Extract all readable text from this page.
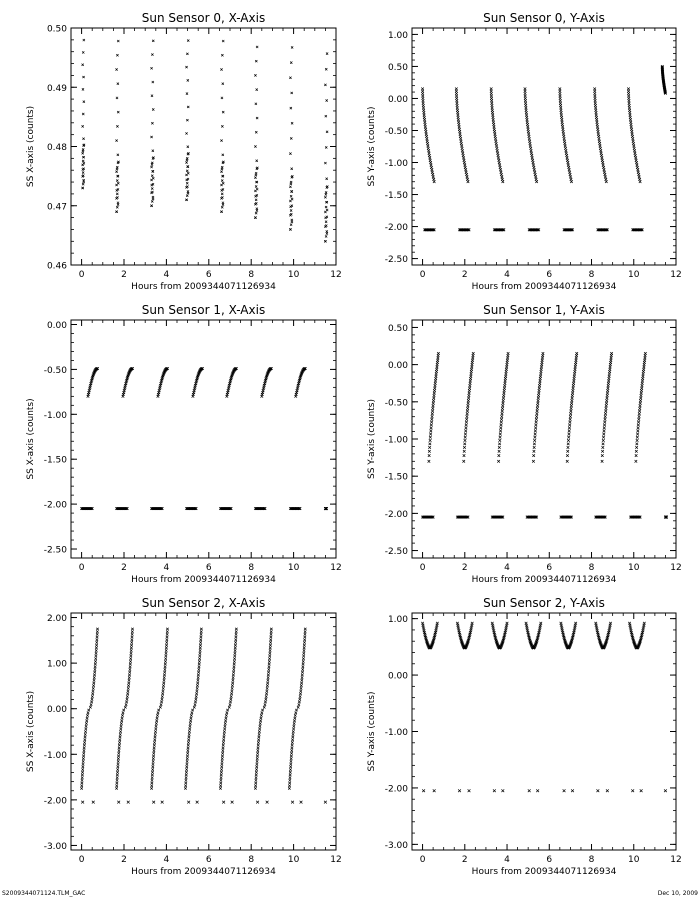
Sun Sensor 0, X-Axis
0	2	4	6	8	10	12
0.46
0.47
0.48
0.49
0.50
Hours from 2009344071126934
SS X-axis (counts)
Sun Sensor 0, Y-Axis
0	2	4	6	8	10	12
-2.50
-2.00
-1.50
-1.00
-0.50
0.00
0.50
1.00
Hours from 2009344071126934
SS Y-axis (counts)
Sun Sensor 1, X-Axis
0	2	4	6	8	10	12
-2.50
-2.00
-1.50
-1.00
-0.50
0.00
Hours from 2009344071126934
SS X-axis (counts)
Sun Sensor 1, Y-Axis
0	2	4	6	8	10	12
-2.50
-2.00
-1.50
-1.00
-0.50
0.00
0.50
Hours from 2009344071126934
SS Y-axis (counts)
Sun Sensor 2, X-Axis
0	2	4	6	8	10	12
-3.00
-2.00
-1.00
0.00
1.00
2.00
Hours from 2009344071126934
SS X-axis (counts)
Sun Sensor 2, Y-Axis
0	2	4	6	8	10	12
-3.00
-2.00
-1.00
0.00
1.00
Hours from 2009344071126934
SS Y-axis (counts)
S2009344071124.TLM_GAC	Dec 10, 2009
